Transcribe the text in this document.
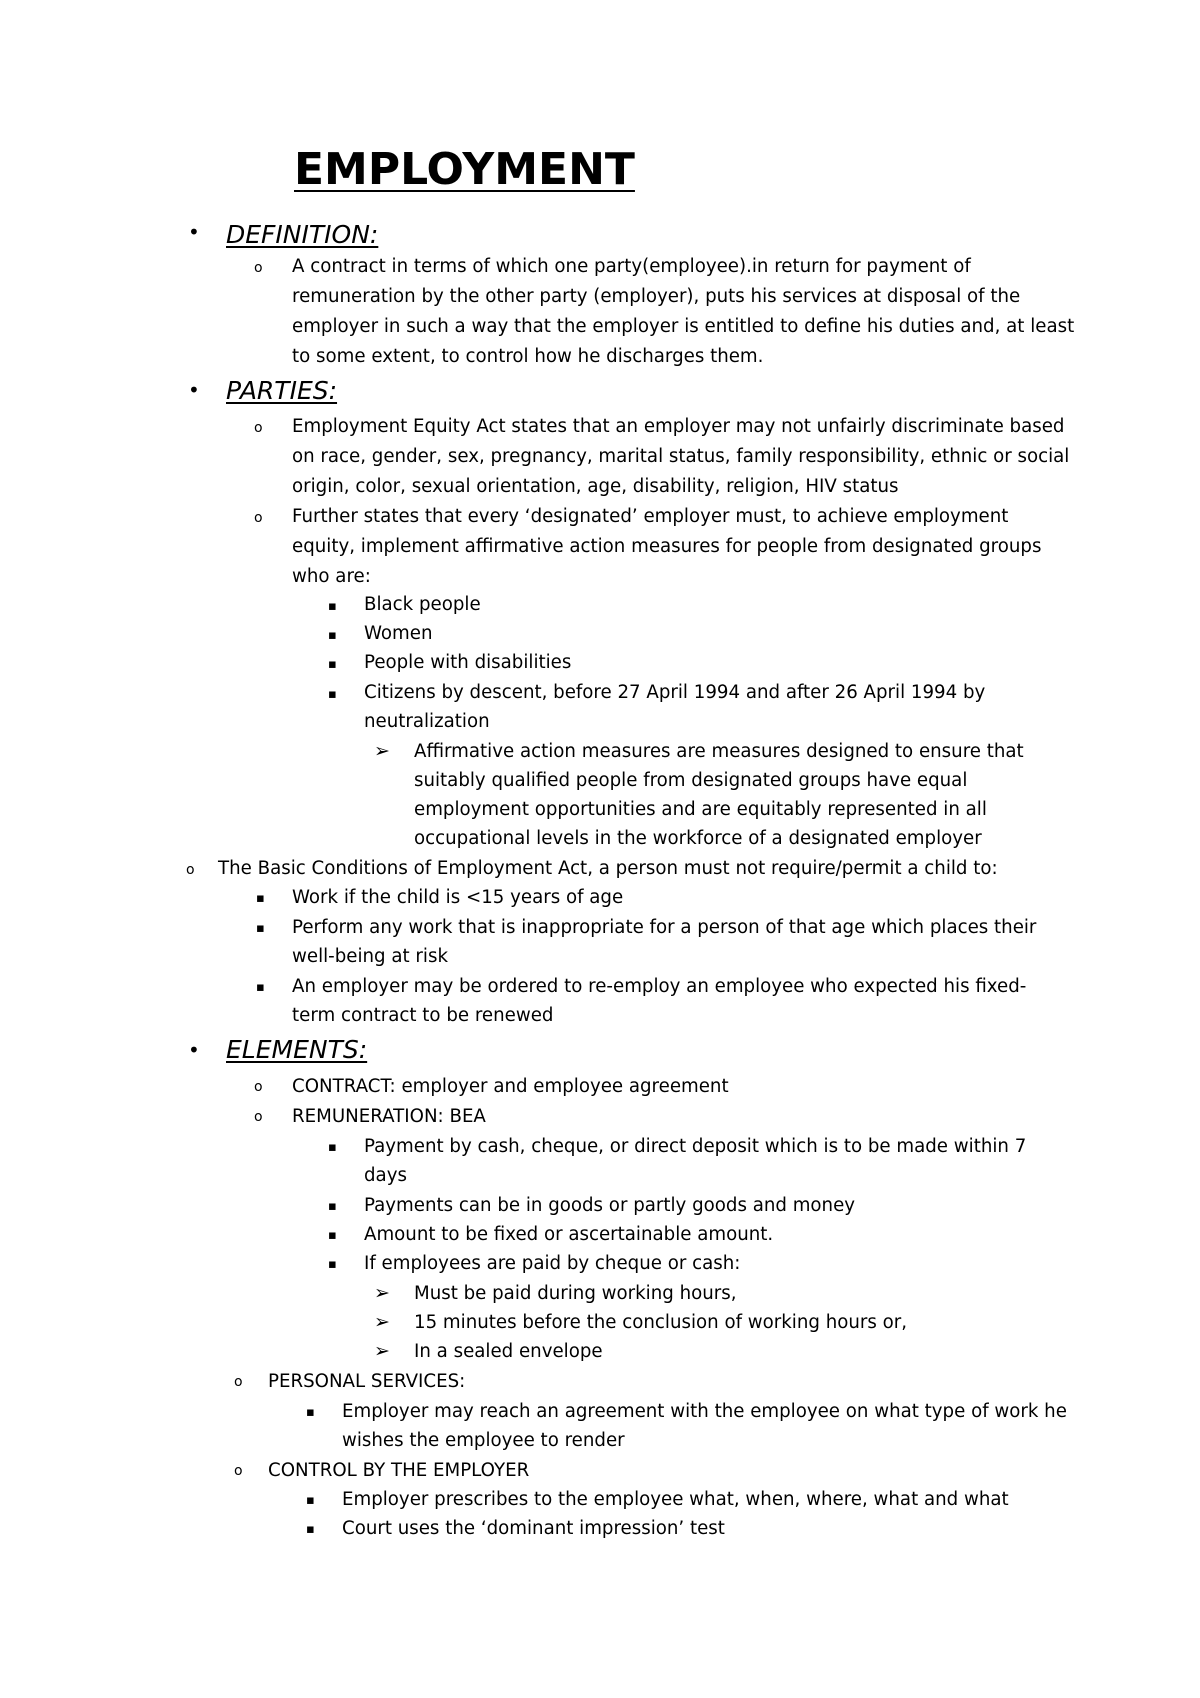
EMPLOYMENT
• DEFINITION:
o A contract in terms of which one party(employee).in return for payment of
remuneration by the other party (employer), puts his services at disposal of the
employer in such a way that the employer is entitled to define his duties and, at least
to some extent, to control how he discharges them.
• PARTIES:
o Employment Equity Act states that an employer may not unfairly discriminate based
on race, gender, sex, pregnancy, marital status, family responsibility, ethnic or social
origin, color, sexual orientation, age, disability, religion, HIV status
o Further states that every ‘designated’ employer must, to achieve employment
equity, implement affirmative action measures for people from designated groups
who are:
▪ Black people
▪ Women
▪ People with disabilities
▪ Citizens by descent, before 27 April 1994 and after 26 April 1994 by
neutralization
➢ Affirmative action measures are measures designed to ensure that
suitably qualified people from designated groups have equal
employment opportunities and are equitably represented in all
occupational levels in the workforce of a designated employer
o The Basic Conditions of Employment Act, a person must not require/permit a child to:
▪ Work if the child is <15 years of age
▪ Perform any work that is inappropriate for a person of that age which places their
well-being at risk
▪ An employer may be ordered to re-employ an employee who expected his fixed-
term contract to be renewed
• ELEMENTS:
o CONTRACT: employer and employee agreement
o REMUNERATION: BEA
▪ Payment by cash, cheque, or direct deposit which is to be made within 7
days
▪ Payments can be in goods or partly goods and money
▪ Amount to be fixed or ascertainable amount.
▪ If employees are paid by cheque or cash:
➢ Must be paid during working hours,
➢ 15 minutes before the conclusion of working hours or,
➢ In a sealed envelope
o PERSONAL SERVICES:
▪ Employer may reach an agreement with the employee on what type of work he
wishes the employee to render
o CONTROL BY THE EMPLOYER
▪ Employer prescribes to the employee what, when, where, what and what
▪ Court uses the ‘dominant impression’ test
